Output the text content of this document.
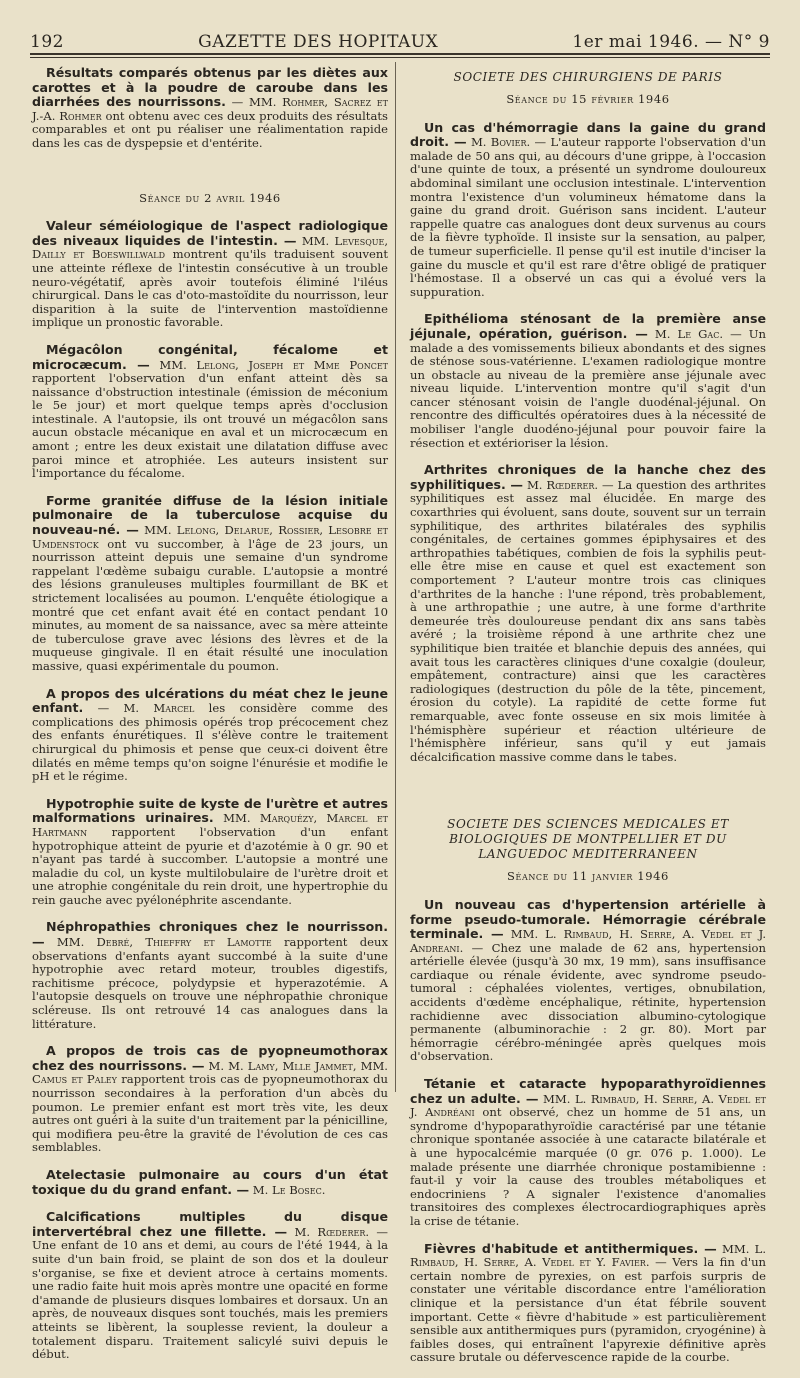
192	GAZETTE DES HOPITAUX	1er mai 1946. — N° 9

Résultats comparés obtenus par les diètes aux carottes et à la poudre de caroube dans les diarrhées des nourrissons. — MM. Rohmer, Sacrez et J.-A. Rohmer ont obtenu avec ces deux produits des résultats comparables et ont pu réaliser une réalimentation rapide dans les cas de dyspepsie et d'entérite.

Séance du 2 avril 1946

Valeur séméiologique de l'aspect radiologique des niveaux liquides de l'intestin. — MM. Levesque, Dailly et Boeswillwald montrent qu'ils traduisent souvent une atteinte réflexe de l'intestin consécutive à un trouble neuro-végétatif, après avoir toutefois éliminé l'iléus chirurgical. Dans le cas d'oto-mastoïdite du nourrisson, leur disparition à la suite de l'intervention mastoïdienne implique un pronostic favorable.

Mégacôlon congénital, fécalome et microcæcum. — MM. Lelong, Joseph et Mme Poncet rapportent l'observation d'un enfant atteint dès sa naissance d'obstruction intestinale (émission de méconium le 5e jour) et mort quelque temps après d'occlusion intestinale. A l'autopsie, ils ont trouvé un mégacôlon sans aucun obstacle mécanique en aval et un microcæcum en amont ; entre les deux existait une dilatation diffuse avec paroi mince et atrophiée. Les auteurs insistent sur l'importance du fécalome.

Forme granitée diffuse de la lésion initiale pulmonaire de la tuberculose acquise du nouveau-né. — MM. Lelong, Delarue, Rossier, Lesobre et Umdenstock ont vu succomber, à l'âge de 23 jours, un nourrisson atteint depuis une semaine d'un syndrome rappelant l'œdème subaigu curable. L'autopsie a montré des lésions granuleuses multiples fourmillant de BK et strictement localisées au poumon. L'enquête étiologique a montré que cet enfant avait été en contact pendant 10 minutes, au moment de sa naissance, avec sa mère atteinte de tuberculose grave avec lésions des lèvres et de la muqueuse gingivale. Il en était résulté une inoculation massive, quasi expérimentale du poumon.

A propos des ulcérations du méat chez le jeune enfant. — M. Marcel les considère comme des complications des phimosis opérés trop précocement chez des enfants énurétiques. Il s'élève contre le traitement chirurgical du phimosis et pense que ceux-ci doivent être dilatés en même temps qu'on soigne l'énurésie et modifie le pH et le régime.

Hypotrophie suite de kyste de l'urètre et autres malformations urinaires. MM. Marquézy, Marcel et Hartmann rapportent l'observation d'un enfant hypotrophique atteint de pyurie et d'azotémie à 0 gr. 90 et n'ayant pas tardé à succomber. L'autopsie a montré une maladie du col, un kyste multilobulaire de l'urètre droit et une atrophie congénitale du rein droit, une hypertrophie du rein gauche avec pyélonéphrite ascendante.

Néphropathies chroniques chez le nourrisson. — MM. Debré, Thieffry et Lamotte rapportent deux observations d'enfants ayant succombé à la suite d'une hypotrophie avec retard moteur, troubles digestifs, rachitisme précoce, polydypsie et hyperazotémie. A l'autopsie desquels on trouve une néphropathie chronique scléreuse. Ils ont retrouvé 14 cas analogues dans la littérature.

A propos de trois cas de pyopneumothorax chez des nourrissons. — M. M. Lamy, Mlle Jammet, MM. Camus et Paley rapportent trois cas de pyopneumothorax du nourrisson secondaires à la perforation d'un abcès du poumon. Le premier enfant est mort très vite, les deux autres ont guéri à la suite d'un traitement par la pénicilline, qui modifiera peu-être la gravité de l'évolution de ces cas semblables.

Atelectasie pulmonaire au cours d'un état toxique du du grand enfant. — M. Le Bosec.

Calcifications multiples du disque intervertébral chez une fillette. — M. Rœderer. — Une enfant de 10 ans et demi, au cours de l'été 1944, à la suite d'un bain froid, se plaint de son dos et la douleur s'organise, se fixe et devient atroce à certains moments. une radio faite huit mois après montre une opacité en forme d'amande de plusieurs disques lombaires et dorsaux. Un an après, de nouveaux disques sont touchés, mais les premiers atteints se libèrent, la souplesse revient, la douleur a totalement disparu. Traitement salicylé suivi depuis le début.

SOCIETE DES CHIRURGIENS DE PARIS
Séance du 15 février 1946

Un cas d'hémorragie dans la gaine du grand droit. — M. Bovier. — L'auteur rapporte l'observation d'un malade de 50 ans qui, au décours d'une grippe, à l'occasion d'une quinte de toux, a présenté un syndrome douloureux abdominal similant une occlusion intestinale. L'intervention montra l'existence d'un volumineux hématome dans la gaine du grand droit. Guérison sans incident. L'auteur rappelle quatre cas analogues dont deux survenus au cours de la fièvre typhoïde. Il insiste sur la sensation, au palper, de tumeur superficielle. Il pense qu'il est inutile d'inciser la gaine du muscle et qu'il est rare d'être obligé de pratiquer l'hémostase. Il a observé un cas qui a évolué vers la suppuration.

Epithélioma sténosant de la première anse jéjunale, opération, guérison. — M. Le Gac. — Un malade a des vomissements bilieux abondants et des signes de sténose sous-vatérienne. L'examen radiologique montre un obstacle au niveau de la première anse jéjunale avec niveau liquide. L'intervention montre qu'il s'agit d'un cancer sténosant voisin de l'angle duodénal-jéjunal. On rencontre des difficultés opératoires dues à la nécessité de mobiliser l'angle duodéno-jéjunal pour pouvoir faire la résection et extérioriser la lésion.

Arthrites chroniques de la hanche chez des syphilitiques. — M. Rœderer. — La question des arthrites syphilitiques est assez mal élucidée. En marge des coxarthries qui évoluent, sans doute, souvent sur un terrain syphilitique, des arthrites bilatérales des syphilis congénitales, de certaines gommes épiphysaires et des arthropathies tabétiques, combien de fois la syphilis peut-elle être mise en cause et quel est exactement son comportement ? L'auteur montre trois cas cliniques d'arthrites de la hanche : l'une répond, très probablement, à une arthropathie ; une autre, à une forme d'arthrite demeurée très douloureuse pendant dix ans sans tabès avéré ; la troisième répond à une arthrite chez une syphilitique bien traitée et blanchie depuis des années, qui avait tous les caractères cliniques d'une coxalgie (douleur, empâtement, contracture) ainsi que les caractères radiologiques (destruction du pôle de la tête, pincement, érosion du cotyle). La rapidité de cette forme fut remarquable, avec fonte osseuse en six mois limitée à l'hémisphère supérieur et réaction ultérieure de l'hémisphère inférieur, sans qu'il y eut jamais décalcification massive comme dans le tabes.

SOCIETE DES SCIENCES MEDICALES ET BIOLOGIQUES DE MONTPELLIER ET DU LANGUEDOC MEDITERRANEEN
Séance du 11 janvier 1946

Un nouveau cas d'hypertension artérielle à forme pseudo-tumorale. Hémorragie cérébrale terminale. — MM. L. Rimbaud, H. Serre, A. Vedel et J. Andreani. — Chez une malade de 62 ans, hypertension artérielle élevée (jusqu'à 30 mx, 19 mm), sans insuffisance cardiaque ou rénale évidente, avec syndrome pseudo-tumoral : céphalées violentes, vertiges, obnubilation, accidents d'œdème encéphalique, rétinite, hypertension rachidienne avec dissociation albumino-cytologique permanente (albuminorachie : 2 gr. 80). Mort par hémorragie cérébro-méningée après quelques mois d'observation.

Tétanie et cataracte hypoparathyroïdiennes chez un adulte. — MM. L. Rimbaud, H. Serre, A. Vedel et J. Andréani ont observé, chez un homme de 51 ans, un syndrome d'hypoparathyroïdie caractérisé par une tétanie chronique spontanée associée à une cataracte bilatérale et à une hypocalcémie marquée (0 gr. 076 p. 1.000). Le malade présente une diarrhée chronique postamibienne : faut-il y voir la cause des troubles métaboliques et endocriniens ? A signaler l'existence d'anomalies transitoires des complexes électrocardiographiques après la crise de tétanie.

Fièvres d'habitude et antithermiques. — MM. L. Rimbaud, H. Serre, A. Vedel et Y. Favier. — Vers la fin d'un certain nombre de pyrexies, on est parfois surpris de constater une véritable discordance entre l'amélioration clinique et la persistance d'un état fébrile souvent important. Cette « fièvre d'habitude » est particulièrement sensible aux antithermiques purs (pyramidon, cryogénine) à faibles doses, qui entraînent l'apyrexie définitive après cassure brutale ou défervescence rapide de la courbe.
